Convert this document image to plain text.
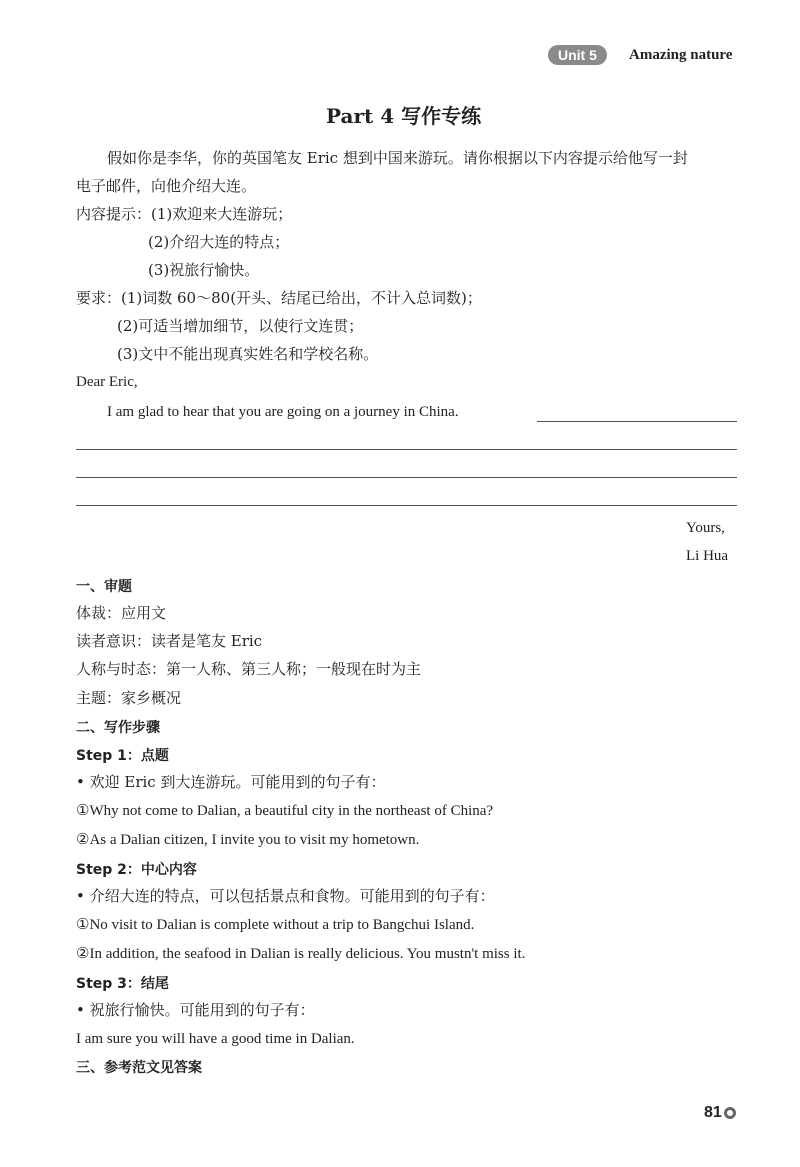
Unit 5	Amazing nature
Part 4 写作专练
假如你是李华，你的英国笔友 Eric 想到中国来游玩。请你根据以下内容提示给他写一封
电子邮件，向他介绍大连。
内容提示：(1)欢迎来大连游玩；
(2)介绍大连的特点；
(3)祝旅行愉快。
要求：(1)词数 60～80(开头、结尾已给出，不计入总词数)；
(2)可适当增加细节，以使行文连贯；
(3)文中不能出现真实姓名和学校名称。
Dear Eric,
I am glad to hear that you are going on a journey in China.
Yours,
Li Hua
一、审题
体裁：应用文
读者意识：读者是笔友 Eric
人称与时态：第一人称、第三人称；一般现在时为主
主题：家乡概况
二、写作步骤
Step 1：点题
• 欢迎 Eric 到大连游玩。可能用到的句子有：
①Why not come to Dalian, a beautiful city in the northeast of China?
②As a Dalian citizen, I invite you to visit my hometown.
Step 2：中心内容
• 介绍大连的特点，可以包括景点和食物。可能用到的句子有：
①No visit to Dalian is complete without a trip to Bangchui Island.
②In addition, the seafood in Dalian is really delicious. You mustn't miss it.
Step 3：结尾
• 祝旅行愉快。可能用到的句子有：
I am sure you will have a good time in Dalian.
三、参考范文见答案
81
